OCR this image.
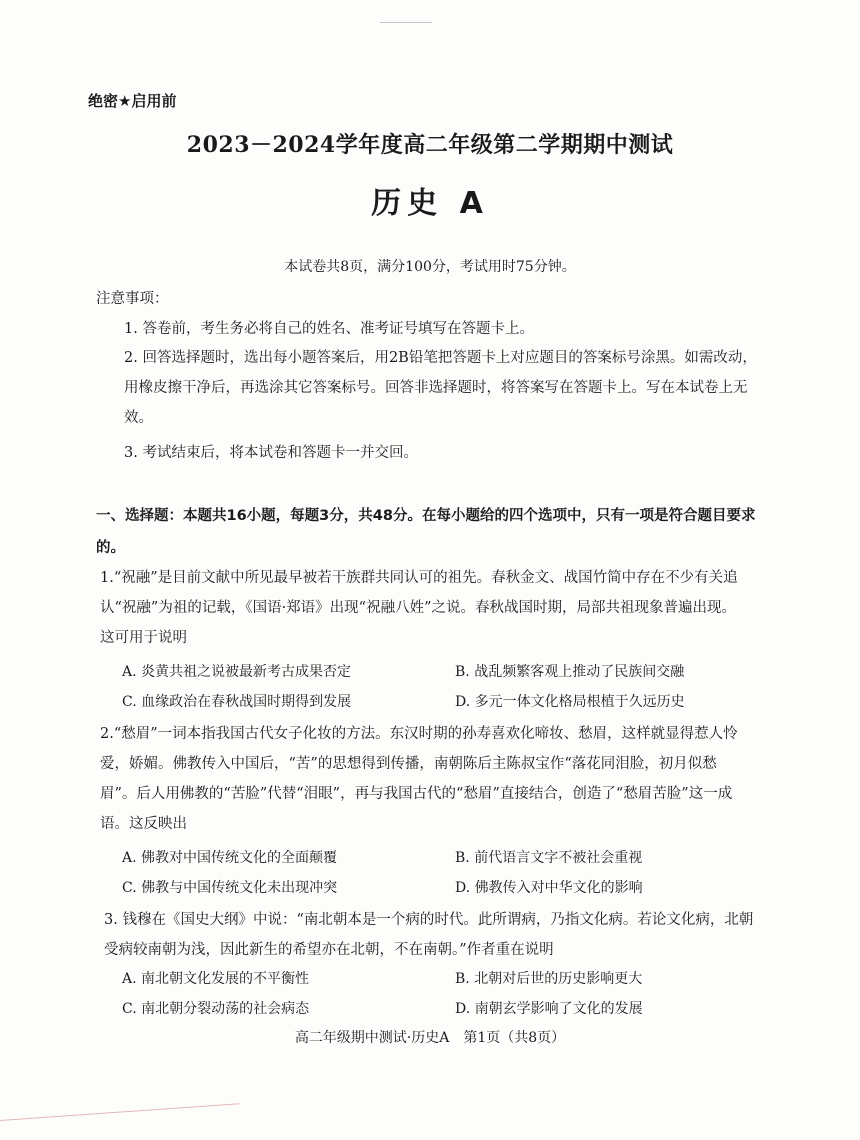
绝密★启用前
2023－2024学年度高二年级第二学期期中测试
历史 A
本试卷共8页，满分100分，考试用时75分钟。
注意事项：
1. 答卷前，考生务必将自己的姓名、准考证号填写在答题卡上。
2. 回答选择题时，选出每小题答案后，用2B铅笔把答题卡上对应题目的答案标号涂黑。如需改动，用橡皮擦干净后，再选涂其它答案标号。回答非选择题时，将答案写在答题卡上。写在本试卷上无效。
3. 考试结束后，将本试卷和答题卡一并交回。
一、选择题：本题共16小题，每题3分，共48分。在每小题给的四个选项中，只有一项是符合题目要求的。
1.“祝融”是目前文献中所见最早被若干族群共同认可的祖先。春秋金文、战国竹简中存在不少有关追认“祝融”为祖的记载，《国语·郑语》出现“祝融八姓”之说。春秋战国时期，局部共祖现象普遍出现。这可用于说明
A. 炎黄共祖之说被最新考古成果否定	B. 战乱频繁客观上推动了民族间交融
C. 血缘政治在春秋战国时期得到发展	D. 多元一体文化格局根植于久远历史
2.“愁眉”一词本指我国古代女子化妆的方法。东汉时期的孙寿喜欢化啼妆、愁眉，这样就显得惹人怜爱，娇媚。佛教传入中国后，“苦”的思想得到传播，南朝陈后主陈叔宝作“落花同泪脸，初月似愁眉”。后人用佛教的“苦脸”代替“泪眼”，再与我国古代的“愁眉”直接结合，创造了“愁眉苦脸”这一成语。这反映出
A. 佛教对中国传统文化的全面颠覆	B. 前代语言文字不被社会重视
C. 佛教与中国传统文化未出现冲突	D. 佛教传入对中华文化的影响
3. 钱穆在《国史大纲》中说：“南北朝本是一个病的时代。此所谓病，乃指文化病。若论文化病，北朝受病较南朝为浅，因此新生的希望亦在北朝，不在南朝。”作者重在说明
A. 南北朝文化发展的不平衡性	B. 北朝对后世的历史影响更大
C. 南北朝分裂动荡的社会病态	D. 南朝玄学影响了文化的发展
高二年级期中测试·历史A　第1页（共8页）
